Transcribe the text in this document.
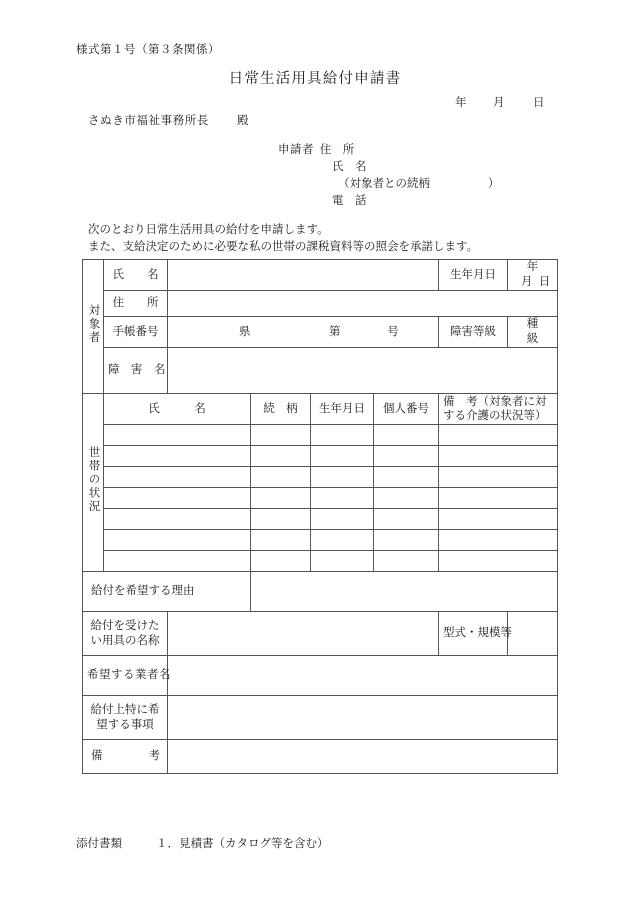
様式第１号（第３条関係）
日常生活用具給付申請書
年 月 日
さぬき市福祉事務所長 殿
申請者 住　所
氏　名
（対象者との続柄	）
電　話
次のとおり日常生活用具の給付を申請します。
また、支給決定のために必要な私の世帯の課税資料等の照会を承諾します。
対象者	氏　　名					生年月日	年月 日
	住　　所						
	手帳番号	県 第 号				障害等級	種級
	障　害　名						
世帯の状況	氏　　　名		続　柄	生年月日	個人番号	備　考（対象者に対する介護の状況等）	

給付を希望する理由							
給付を受けたい用具の名称						型式・規模等	
希望する業者名							
給付上特に希望する事項							
備　　　　考							
添付書類	１．見積書（カタログ等を含む）
